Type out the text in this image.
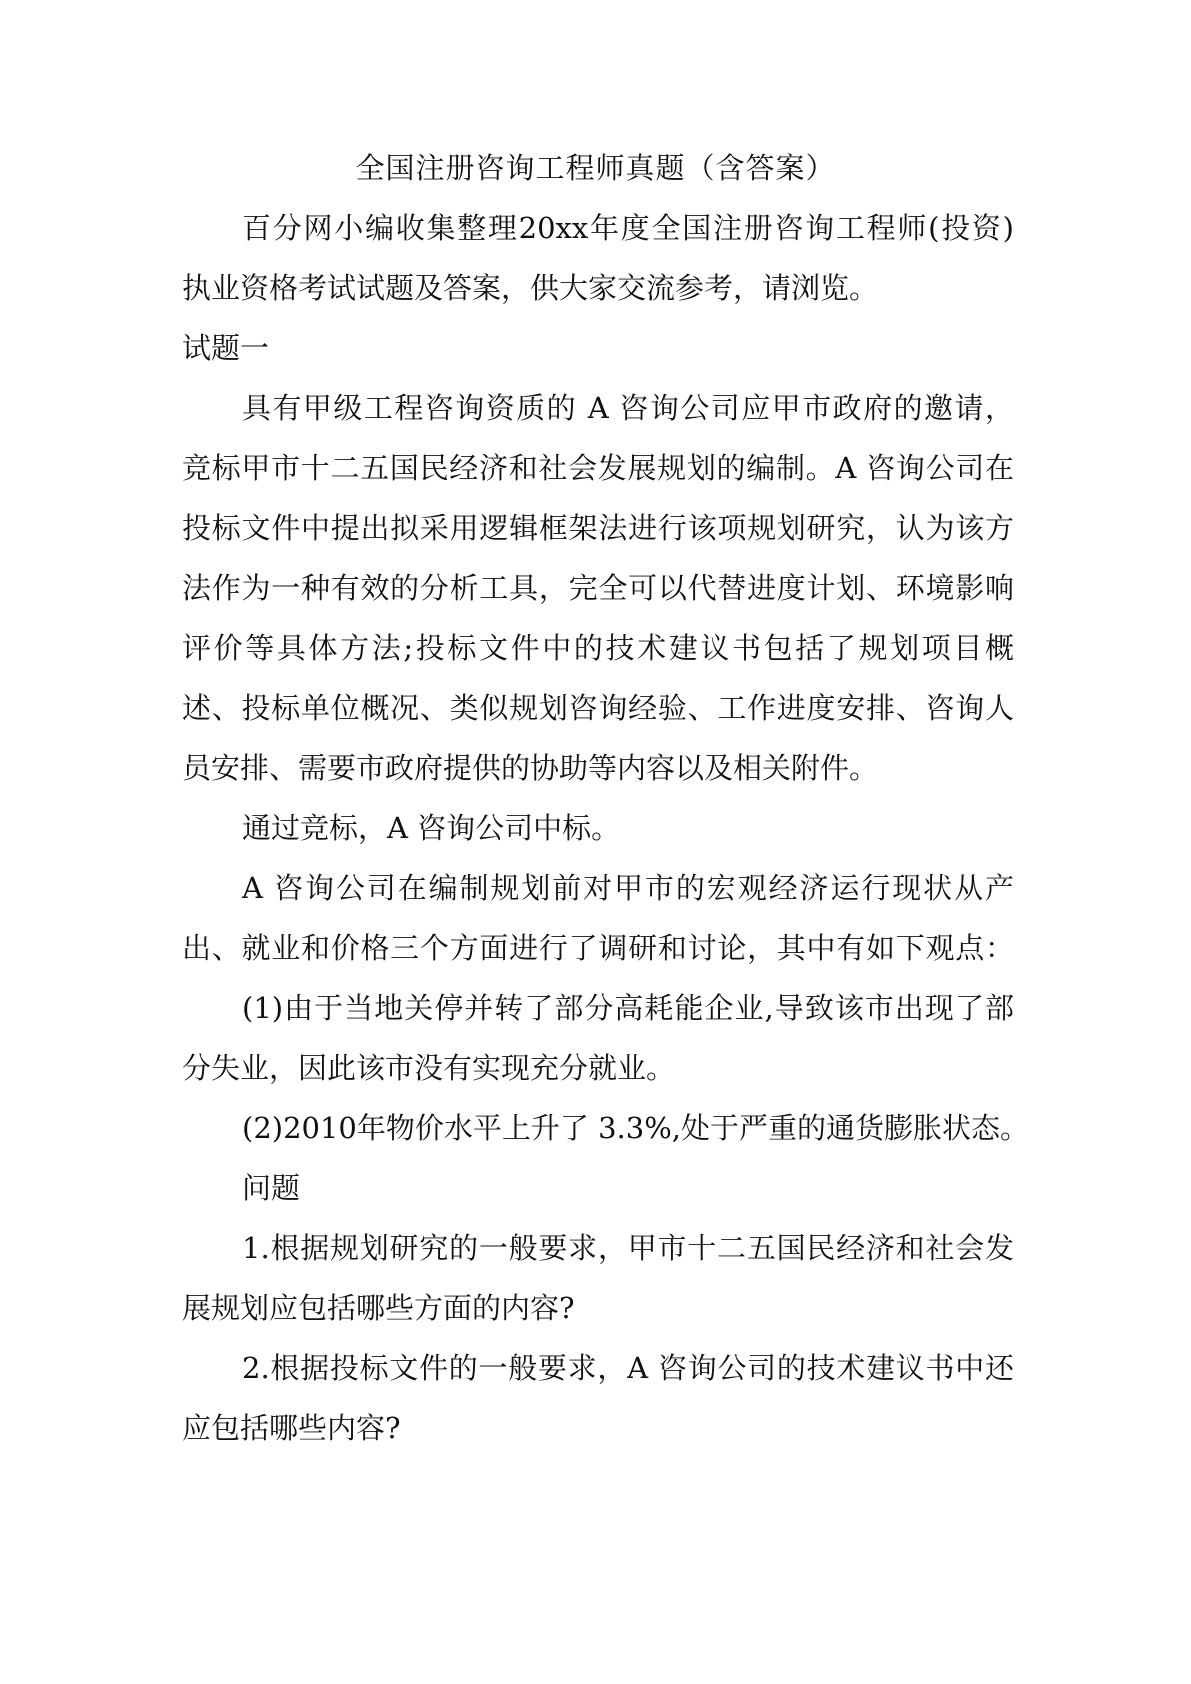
全国注册咨询工程师真题（含答案）
百分网小编收集整理20xx年度全国注册咨询工程师(投资)
执业资格考试试题及答案，供大家交流参考，请浏览。
试题一
具有甲级工程咨询资质的 A 咨询公司应甲市政府的邀请，
竞标甲市十二五国民经济和社会发展规划的编制。A 咨询公司在
投标文件中提出拟采用逻辑框架法进行该项规划研究，认为该方
法作为一种有效的分析工具，完全可以代替进度计划、环境影响
评价等具体方法;投标文件中的技术建议书包括了规划项目概
述、投标单位概况、类似规划咨询经验、工作进度安排、咨询人
员安排、需要市政府提供的协助等内容以及相关附件。
通过竞标，A 咨询公司中标。
A 咨询公司在编制规划前对甲市的宏观经济运行现状从产
出、就业和价格三个方面进行了调研和讨论，其中有如下观点：
(1)由于当地关停并转了部分高耗能企业,导致该市出现了部
分失业，因此该市没有实现充分就业。
(2)2010年物价水平上升了 3.3%,处于严重的通货膨胀状态。
问题
1.根据规划研究的一般要求，甲市十二五国民经济和社会发
展规划应包括哪些方面的内容?
2.根据投标文件的一般要求，A 咨询公司的技术建议书中还
应包括哪些内容?
